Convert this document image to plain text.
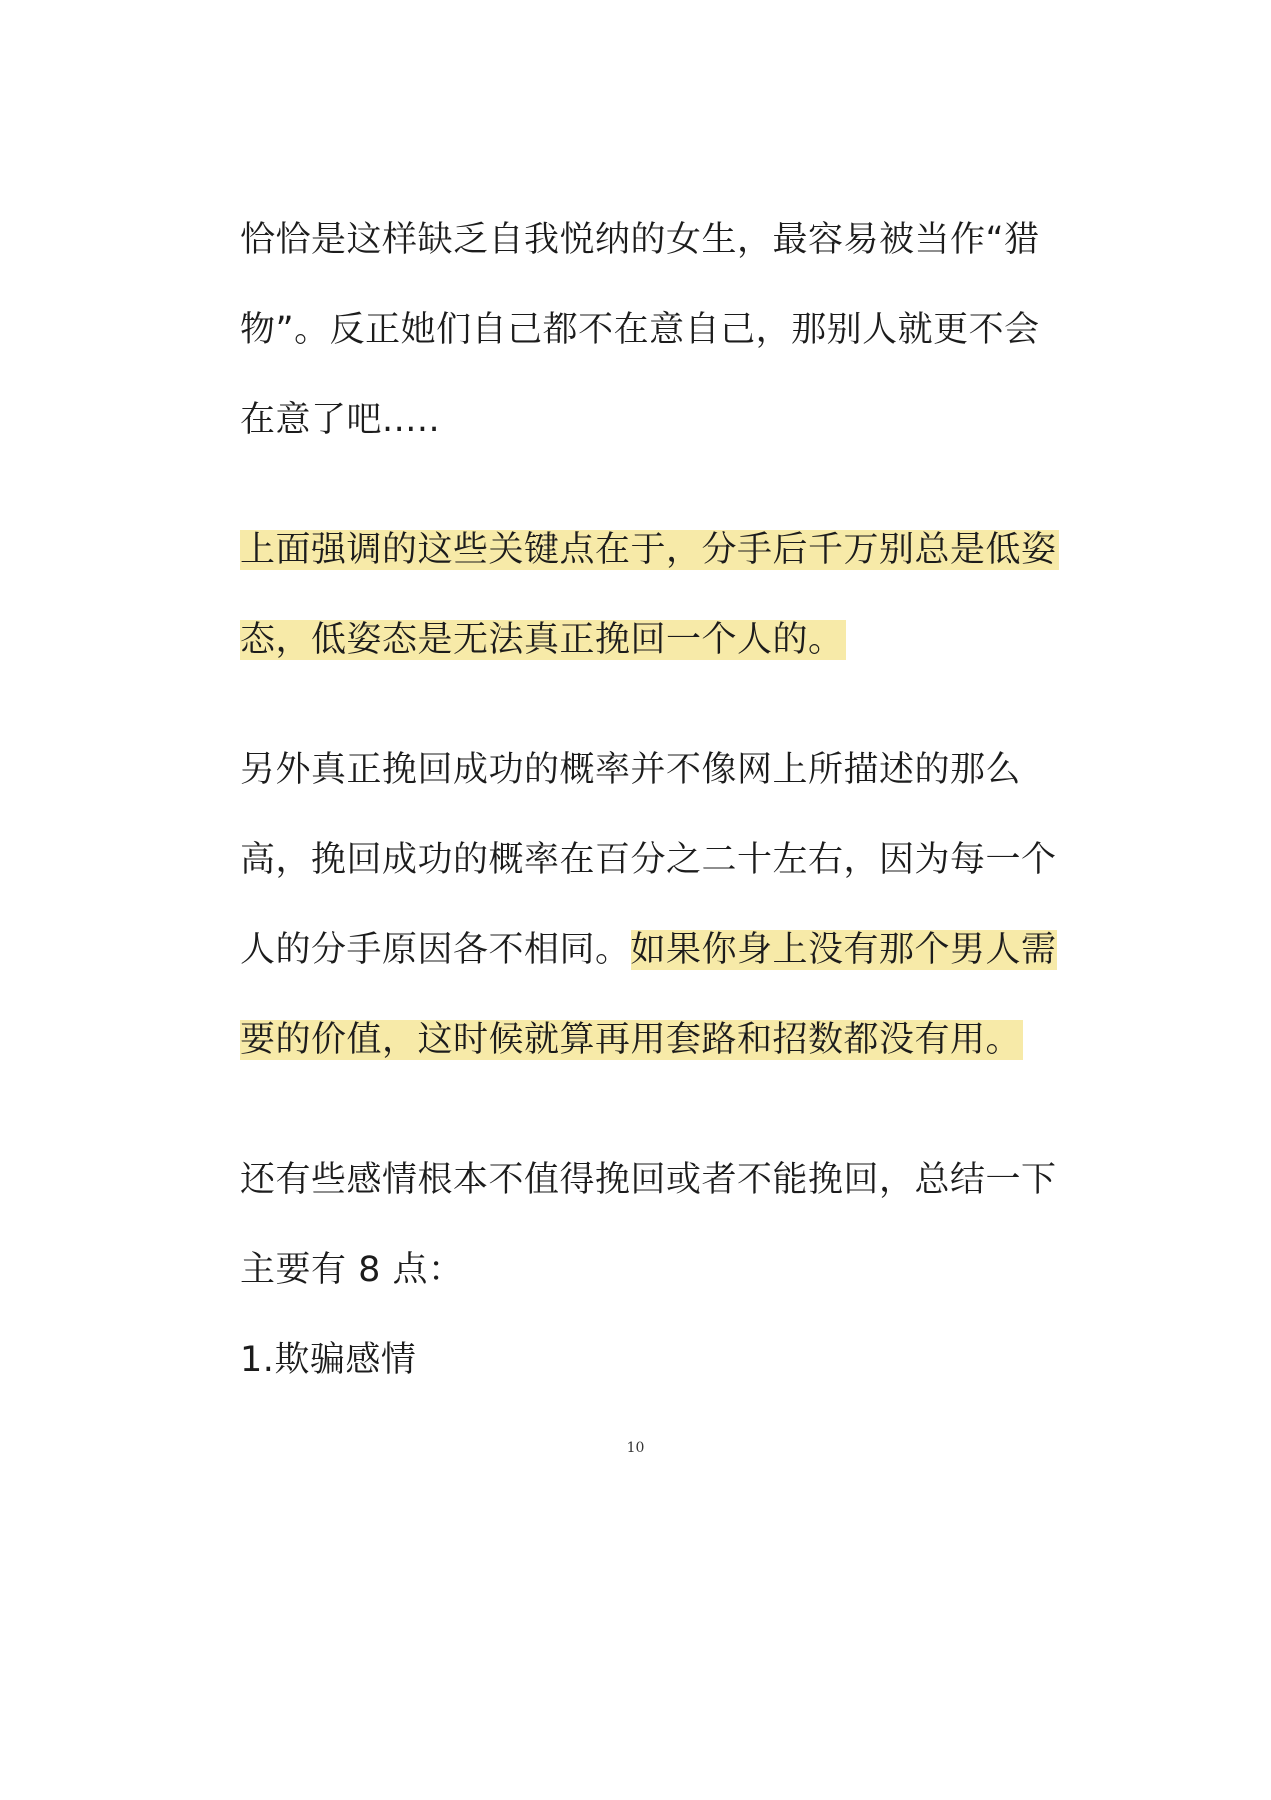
恰恰是这样缺乏自我悦纳的女生，最容易被当作“猎
物”。反正她们自己都不在意自己，那别人就更不会
在意了吧.....
上面强调的这些关键点在于，分手后千万别总是低姿
态，低姿态是无法真正挽回一个人的。
另外真正挽回成功的概率并不像网上所描述的那么
高，挽回成功的概率在百分之二十左右，因为每一个
人的分手原因各不相同。如果你身上没有那个男人需
要的价值，这时候就算再用套路和招数都没有用。
还有些感情根本不值得挽回或者不能挽回，总结一下
主要有 8 点：
1.欺骗感情
10
